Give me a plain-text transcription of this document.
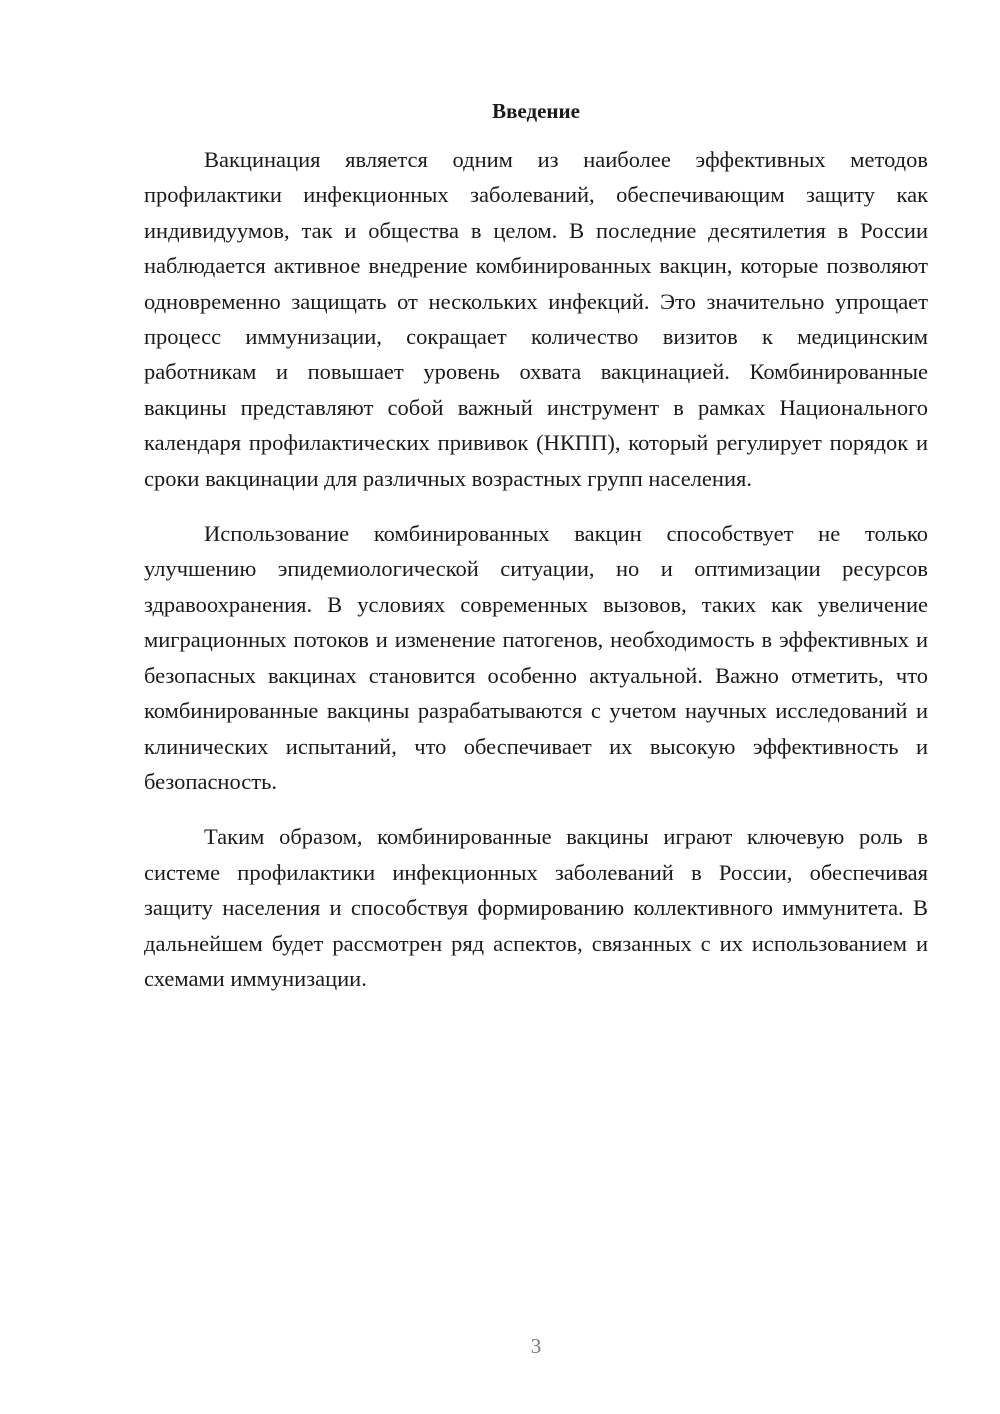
Введение

Вакцинация является одним из наиболее эффективных методов профилактики инфекционных заболеваний, обеспечивающим защиту как индивидуумов, так и общества в целом. В последние десятилетия в России наблюдается активное внедрение комбинированных вакцин, которые позволяют одновременно защищать от нескольких инфекций. Это значительно упрощает процесс иммунизации, сокращает количество визитов к медицинским работникам и повышает уровень охвата вакцинацией. Комбинированные вакцины представляют собой важный инструмент в рамках Национального календаря профилактических прививок (НКПП), который регулирует порядок и сроки вакцинации для различных возрастных групп населения.

Использование комбинированных вакцин способствует не только улучшению эпидемиологической ситуации, но и оптимизации ресурсов здравоохранения. В условиях современных вызовов, таких как увеличение миграционных потоков и изменение патогенов, необходимость в эффективных и безопасных вакцинах становится особенно актуальной. Важно отметить, что комбинированные вакцины разрабатываются с учетом научных исследований и клинических испытаний, что обеспечивает их высокую эффективность и безопасность.

Таким образом, комбинированные вакцины играют ключевую роль в системе профилактики инфекционных заболеваний в России, обеспечивая защиту населения и способствуя формированию коллективного иммунитета. В дальнейшем будет рассмотрен ряд аспектов, связанных с их использованием и схемами иммунизации.

3
